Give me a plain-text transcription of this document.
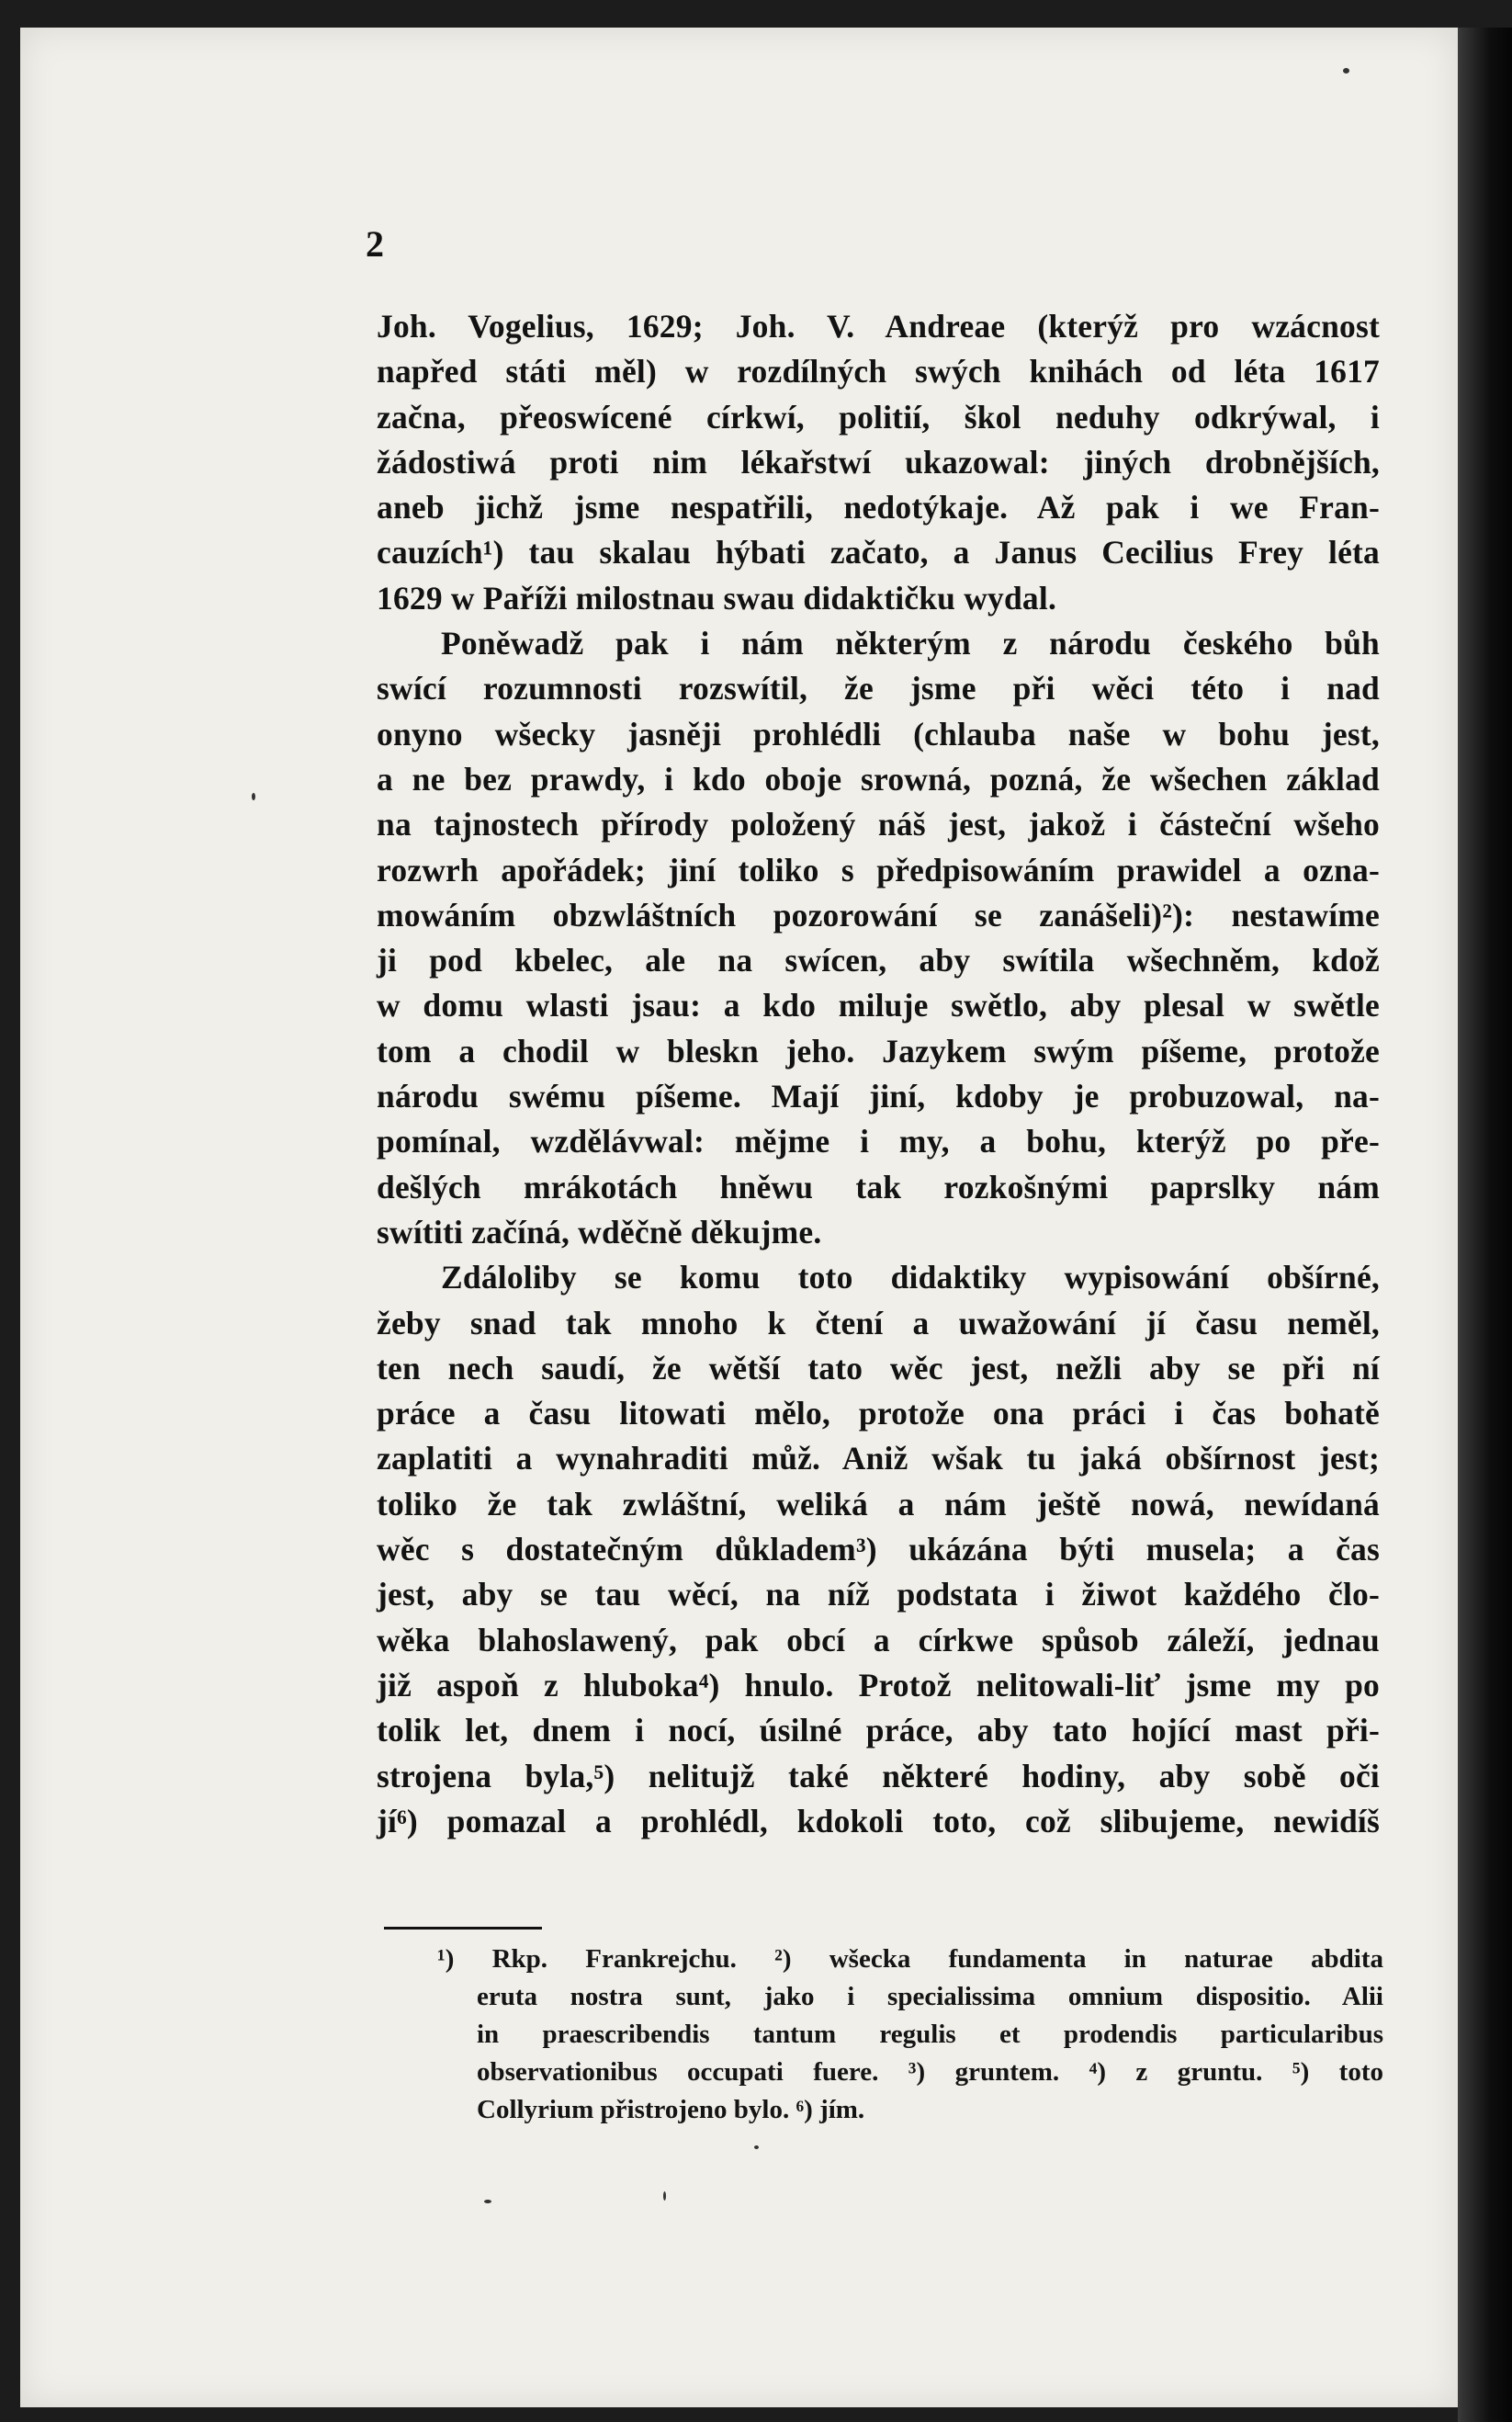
2
Joh. Vogelius, 1629; Joh. V. Andreae (kterýž pro wzácnost
napřed státi měl) w rozdílných swých knihách od léta 1617
začna, přeoswícené církwí, politií, škol neduhy odkrýwal, i
žádostiwá proti nim lékařstwí ukazowal: jiných drobnějších,
aneb jichž jsme nespatřili, nedotýkaje. Až pak i we Fran-
cauzích¹) tau skalau hýbati začato, a Janus Cecilius Frey léta
1629 w Paříži milostnau swau didaktičku wydal.
Poněwadž pak i nám některým z národu českého bůh
swící rozumnosti rozswítil, že jsme při wěci této i nad
onyno wšecky jasněji prohlédli (chlauba naše w bohu jest,
a ne bez prawdy, i kdo oboje srowná, pozná, že wšechen základ
na tajnostech přírody položený náš jest, jakož i částeční wšeho
rozwrh apořádek; jiní toliko s předpisowáním prawidel a ozna-
mowáním obzwláštních pozorowání se zanášeli)²): nestawíme
ji pod kbelec, ale na swícen, aby swítila wšechněm, kdož
w domu wlasti jsau: a kdo miluje swětlo, aby plesal w swětle
tom a chodil w bleskn jeho. Jazykem swým píšeme, protože
národu swému píšeme. Mají jiní, kdoby je probuzowal, na-
pomínal, wzdělávwal: mějme i my, a bohu, kterýž po pře-
dešlých mrákotách hněwu tak rozkošnými paprslky nám
swítiti začíná, wděčně děkujme.
Zdáloliby se komu toto didaktiky wypisowání obšírné,
žeby snad tak mnoho k čtení a uwažowání jí času neměl,
ten nech saudí, že wětší tato wěc jest, nežli aby se při ní
práce a času litowati mělo, protože ona práci i čas bohatě
zaplatiti a wynahraditi můž. Aniž wšak tu jaká obšírnost jest;
toliko že tak zwláštní, weliká a nám ještě nowá, newídaná
wěc s dostatečným důkladem³) ukázána býti musela; a čas
jest, aby se tau wěcí, na níž podstata i žiwot každého člo-
wěka blahoslawený, pak obcí a církwe spůsob záleží, jednau
již aspoň z hluboka⁴) hnulo. Protož nelitowali-liť jsme my po
tolik let, dnem i nocí, úsilné práce, aby tato hojící mast při-
strojena byla,⁵) nelitujž také některé hodiny, aby sobě oči
jí⁶) pomazal a prohlédl, kdokoli toto, což slibujeme, newidíš
¹) Rkp. Frankrejchu. ²) wšecka fundamenta in naturae abdita
eruta nostra sunt, jako i specialissima omnium dispositio. Alii
in praescribendis tantum regulis et prodendis particularibus
observationibus occupati fuere. ³) gruntem. ⁴) z gruntu. ⁵) toto
Collyrium přistrojeno bylo. ⁶) jím.
